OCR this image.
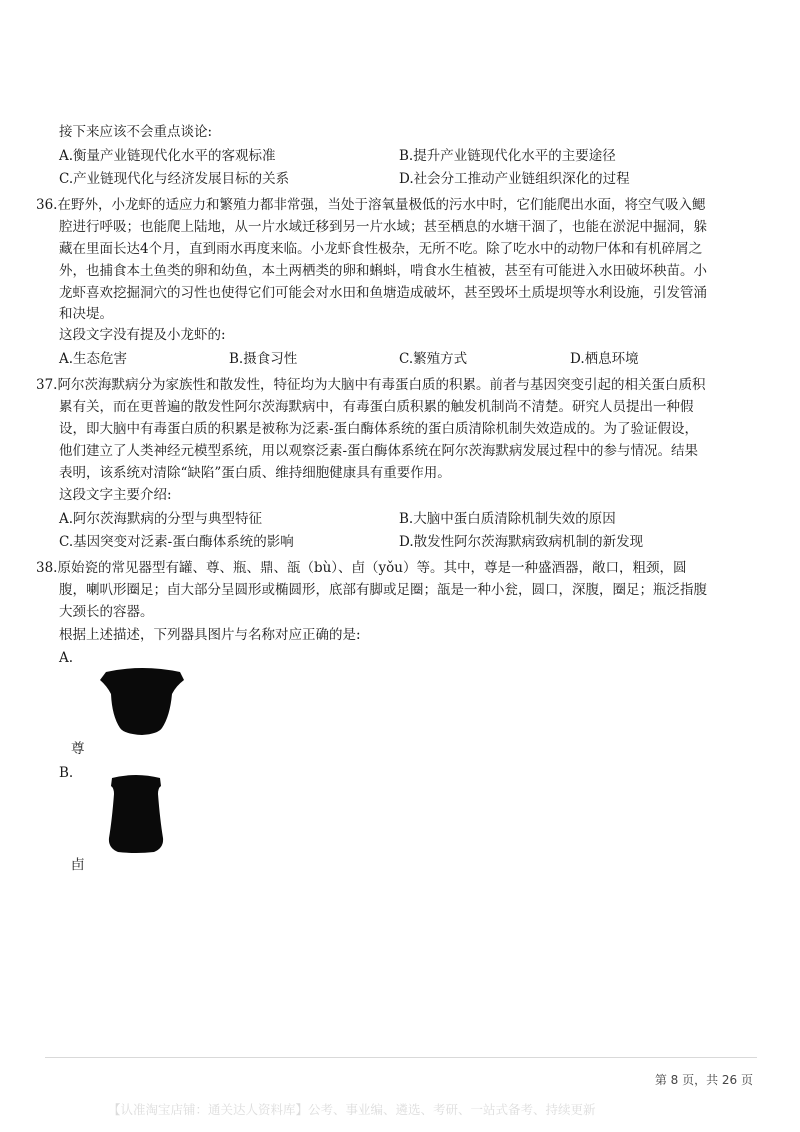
接下来应该不会重点谈论:
A.衡量产业链现代化水平的客观标准	B.提升产业链现代化水平的主要途径
C.产业链现代化与经济发展目标的关系	D.社会分工推动产业链组织深化的过程
36.在野外，小龙虾的适应力和繁殖力都非常强，当处于溶氧量极低的污水中时，它们能爬出水面，将空气吸入鳃
腔进行呼吸；也能爬上陆地，从一片水域迁移到另一片水域；甚至栖息的水塘干涸了，也能在淤泥中掘洞，躲
藏在里面长达4个月，直到雨水再度来临。小龙虾食性极杂，无所不吃。除了吃水中的动物尸体和有机碎屑之
外，也捕食本土鱼类的卵和幼鱼，本土两栖类的卵和蝌蚪，啃食水生植被，甚至有可能进入水田破坏秧苗。小
龙虾喜欢挖掘洞穴的习性也使得它们可能会对水田和鱼塘造成破坏，甚至毁坏土质堤坝等水利设施，引发管涌
和决堤。
这段文字没有提及小龙虾的:
A.生态危害	B.摄食习性	C.繁殖方式	D.栖息环境
37.阿尔茨海默病分为家族性和散发性，特征均为大脑中有毒蛋白质的积累。前者与基因突变引起的相关蛋白质积
累有关，而在更普遍的散发性阿尔茨海默病中，有毒蛋白质积累的触发机制尚不清楚。研究人员提出一种假
设，即大脑中有毒蛋白质的积累是被称为泛素-蛋白酶体系统的蛋白质清除机制失效造成的。为了验证假设，
他们建立了人类神经元模型系统，用以观察泛素-蛋白酶体系统在阿尔茨海默病发展过程中的参与情况。结果
表明，该系统对清除“缺陷”蛋白质、维持细胞健康具有重要作用。
这段文字主要介绍:
A.阿尔茨海默病的分型与典型特征	B.大脑中蛋白质清除机制失效的原因
C.基因突变对泛素-蛋白酶体系统的影响	D.散发性阿尔茨海默病致病机制的新发现
38.原始瓷的常见器型有罐、尊、瓶、鼎、瓿（bù）、卣（yǒu）等。其中，尊是一种盛酒器，敞口，粗颈，圆
腹，喇叭形圈足；卣大部分呈圆形或椭圆形，底部有脚或足圈；瓿是一种小瓮，圆口，深腹，圈足；瓶泛指腹
大颈长的容器。
根据上述描述，下列器具图片与名称对应正确的是:
A.
尊
B.
卣
第 8 页，共 26 页
【认准淘宝店铺：通关达人资料库】公考、事业编、遴选、考研、一站式备考、持续更新
